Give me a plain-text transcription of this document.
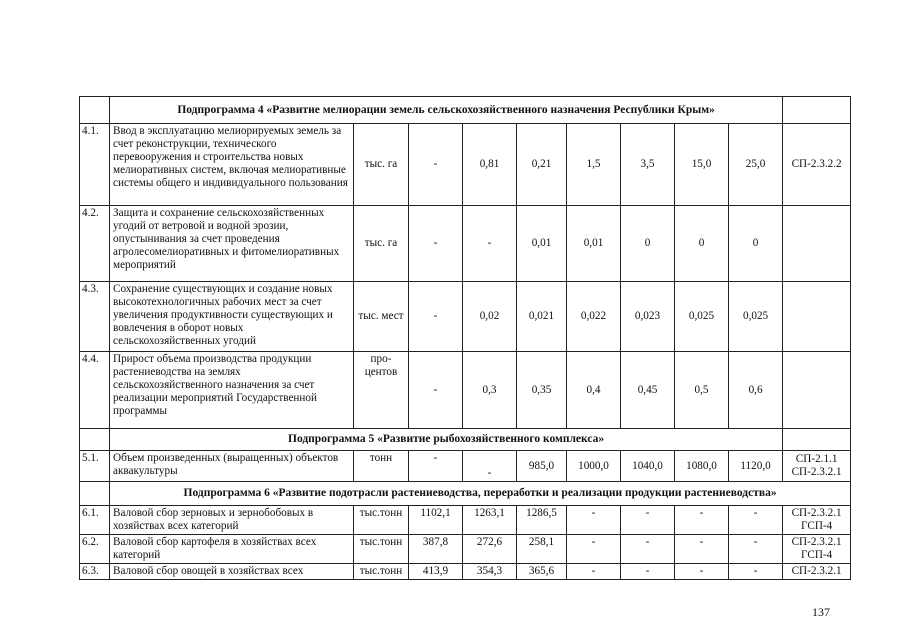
	Подпрограмма 4 «Развитие мелиорации земель сельскохозяйственного назначения Республики Крым»									
4.1.	Ввод в эксплуатацию мелиорируемых земель за счет реконструкции, технического перевооружения и строительства новых мелиоративных систем, включая мелиоративные системы общего и индивидуального пользования	тыс. га	-	0,81	0,21	1,5	3,5	15,0	25,0	СП-2.3.2.2
4.2.	Защита и сохранение сельскохозяйственных угодий от ветровой и водной эрозии, опустынивания за счет проведения агролесомелиоративных и фитомелиоративных мероприятий	тыс. га	-	-	0,01	0,01	0	0	0	
4.3.	Сохранение существующих и создание новых высокотехнологичных рабочих мест за счет увеличения продуктивности существующих и вовлечения в оборот новых сельскохозяйственных угодий	тыс. мест	-	0,02	0,021	0,022	0,023	0,025	0,025	
4.4.	Прирост объема производства продукции растениеводства на землях сельскохозяйственного назначения за счет реализации мероприятий Государственной программы	про-центов	-	0,3	0,35	0,4	0,45	0,5	0,6	
	Подпрограмма 5 «Развитие рыбохозяйственного комплекса»									
5.1.	Объем произведенных (выращенных) объектов аквакультуры	тонн	-	-	985,0	1000,0	1040,0	1080,0	1120,0	СП-2.1.1 СП-2.3.2.1
	Подпрограмма 6 «Развитие подотрасли растениеводства, переработки и реализации продукции растениеводства»									
6.1.	Валовой сбор зерновых и зернобобовых в хозяйствах всех категорий	тыс.тонн	1102,1	1263,1	1286,5	-	-	-	-	СП-2.3.2.1 ГСП-4
6.2.	Валовой сбор картофеля в хозяйствах всех категорий	тыс.тонн	387,8	272,6	258,1	-	-	-	-	СП-2.3.2.1 ГСП-4
6.3.	Валовой сбор овощей в хозяйствах всех	тыс.тонн	413,9	354,3	365,6	-	-	-	-	СП-2.3.2.1
137
